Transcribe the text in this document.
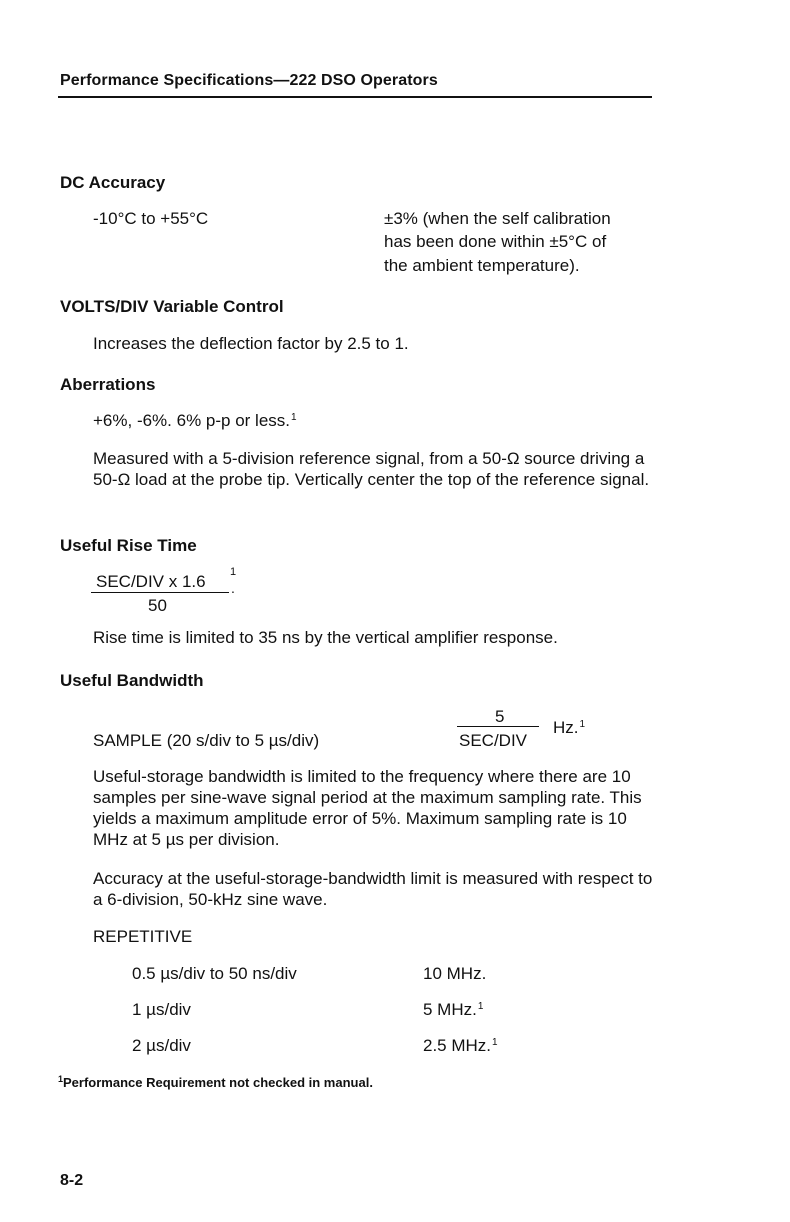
Performance Specifications—222 DSO Operators
DC Accuracy
-10°C to +55°C	±3% (when the self calibration
has been done within ±5°C of
the ambient temperature).
VOLTS/DIV Variable Control
Increases the deflection factor by 2.5 to 1.
Aberrations
+6%, -6%. 6% p-p or less.$^1$
Measured with a 5-division reference signal, from a 50-Ω source driving a 50-Ω load at the probe tip. Vertically center the top of the reference signal.
Useful Rise Time
SEC/DIV x 1.6 1
.
50
Rise time is limited to 35 ns by the vertical amplifier response.
Useful Bandwidth
SAMPLE (20 s/div to 5 µs/div)
5
SEC/DIV
Hz.$^1$
Useful-storage bandwidth is limited to the frequency where there are 10 samples per sine-wave signal period at the maximum sampling rate. This yields a maximum amplitude error of 5%. Maximum sampling rate is 10 MHz at 5 µs per division.
Accuracy at the useful-storage-bandwidth limit is measured with respect to a 6-division, 50-kHz sine wave.
REPETITIVE
0.5 µs/div to 50 ns/div	10 MHz.
1 µs/div	5 MHz.$^1$
2 µs/div	2.5 MHz.$^1$
$^1$Performance Requirement not checked in manual.
8-2
